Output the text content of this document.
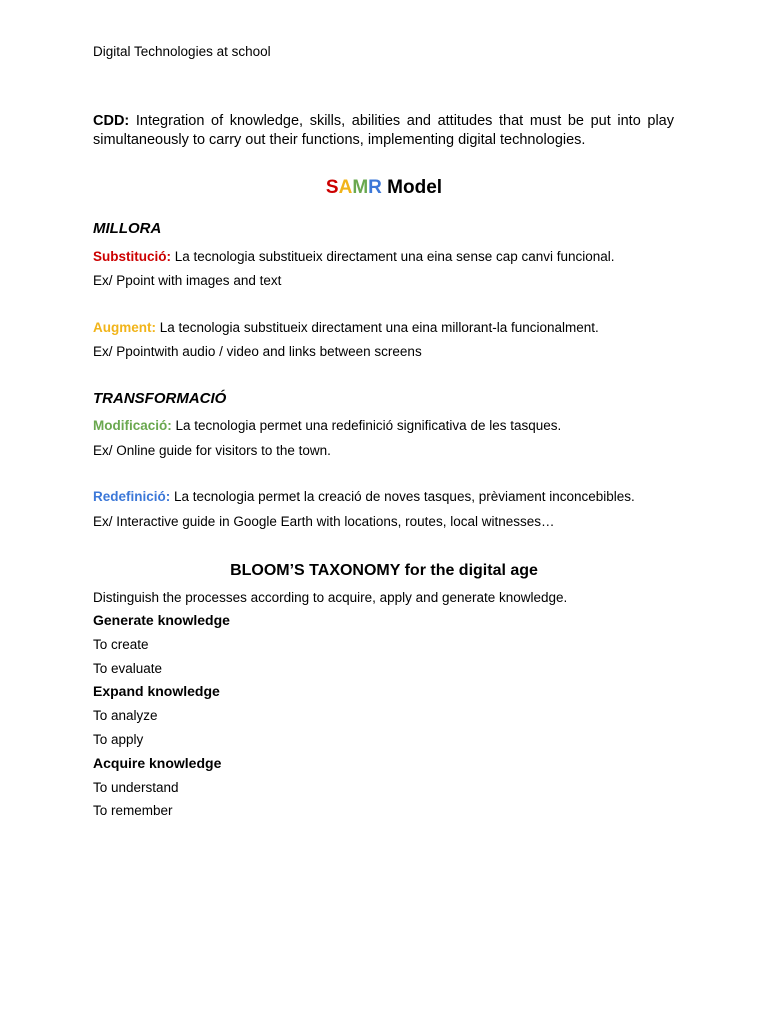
Digital Technologies at school
CDD: Integration of knowledge, skills, abilities and attitudes that must be put into play simultaneously to carry out their functions, implementing digital technologies.
SAMR Model
MILLORA
Substitució: La tecnologia substitueix directament una eina sense cap canvi funcional.
Ex/ Ppoint with images and text
Augment: La tecnologia substitueix directament una eina millorant-la funcionalment.
Ex/ Ppointwith audio / video and links between screens
TRANSFORMACIÓ
Modificació: La tecnologia permet una redefinició significativa de les tasques.
Ex/ Online guide for visitors to the town.
Redefinició: La tecnologia permet la creació de noves tasques, prèviament inconcebibles.
Ex/ Interactive guide in Google Earth with locations, routes, local witnesses…
BLOOM’S TAXONOMY for the digital age
Distinguish the processes according to acquire, apply and generate knowledge.
Generate knowledge
To create
To evaluate
Expand knowledge
To analyze
To apply
Acquire knowledge
To understand
To remember
